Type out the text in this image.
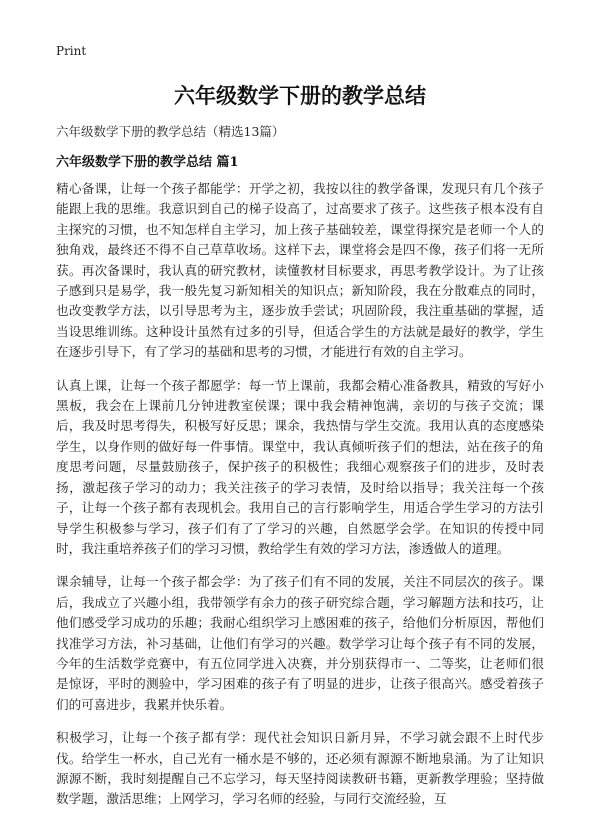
Print
六年级数学下册的教学总结

六年级数学下册的教学总结（精选13篇）

六年级数学下册的教学总结 篇1

精心备课，让每一个孩子都能学：开学之初，我按以往的教学备课，发现只有几个孩子能跟上我的思维。我意识到自己的梯子设高了，过高要求了孩子。这些孩子根本没有自主探究的习惯，也不知怎样自主学习，加上孩子基础较差，课堂得探究是老师一个人的独角戏，最终还不得不自己草草收场。这样下去，课堂将会是四不像，孩子们将一无所获。再次备课时，我认真的研究教材，读懂教材目标要求，再思考教学设计。为了让孩子感到只是易学，我一般先复习新知相关的知识点；新知阶段，我在分散难点的同时，也改变教学方法，以引导思考为主，逐步放手尝试；巩固阶段，我注重基础的掌握，适当设思维训练。这种设计虽然有过多的引导，但适合学生的方法就是最好的教学，学生在逐步引导下，有了学习的基础和思考的习惯，才能进行有效的自主学习。

认真上课，让每一个孩子都愿学：每一节上课前，我都会精心准备教具，精致的写好小黑板，我会在上课前几分钟进教室侯课；课中我会精神饱满，亲切的与孩子交流；课后，我及时思考得失，积极写好反思；课余，我热情与学生交流。我用认真的态度感染学生，以身作则的做好每一件事情。课堂中，我认真倾听孩子们的想法，站在孩子的角度思考问题，尽量鼓励孩子，保护孩子的积极性；我细心观察孩子们的进步，及时表扬，激起孩子学习的动力；我关注孩子的学习表情，及时给以指导；我关注每一个孩子，让每一个孩子都有表现机会。我用自己的言行影响学生，用适合学生学习的方法引导学生积极参与学习，孩子们有了了学习的兴趣，自然愿学会学。在知识的传授中同时，我注重培养孩子们的学习习惯，教给学生有效的学习方法，渗透做人的道理。

课余辅导，让每一个孩子都会学：为了孩子们有不同的发展，关注不同层次的孩子。课后，我成立了兴趣小组，我带领学有余力的孩子研究综合题，学习解题方法和技巧，让他们感受学习成功的乐趣；我耐心组织学习上感困难的孩子，给他们分析原因，帮他们找准学习方法，补习基础，让他们有学习的兴趣。数学学习让每个孩子有不同的发展，今年的生活数学竞赛中，有五位同学进入决赛，并分别获得市一、二等奖，让老师们很是惊讶，平时的测验中，学习困难的孩子有了明显的进步，让孩子很高兴。感受着孩子们的可喜进步，我累并快乐着。

积极学习，让每一个孩子都有学：现代社会知识日新月异，不学习就会跟不上时代步伐。给学生一杯水，自己光有一桶水是不够的，还必须有源源不断地泉涌。为了让知识源源不断，我时刻提醒自己不忘学习，每天坚持阅读教研书籍，更新教学理验；坚持做数学题，激活思维；上网学习，学习名师的经验，与同行交流经验，互
